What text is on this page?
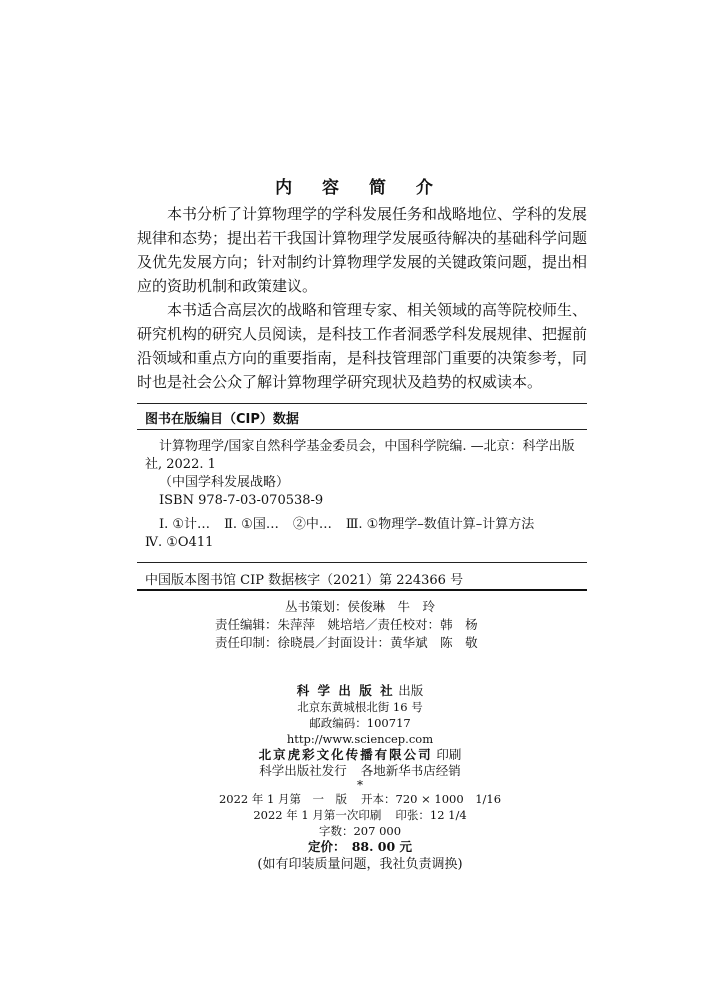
内 容 简 介

本书分析了计算物理学的学科发展任务和战略地位、学科的发展规律和态势；提出若干我国计算物理学发展亟待解决的基础科学问题及优先发展方向；针对制约计算物理学发展的关键政策问题，提出相应的资助机制和政策建议。

本书适合高层次的战略和管理专家、相关领域的高等院校师生、研究机构的研究人员阅读，是科技工作者洞悉学科发展规律、把握前沿领域和重点方向的重要指南，是科技管理部门重要的决策参考，同时也是社会公众了解计算物理学研究现状及趋势的权威读本。

图书在版编目（CIP）数据
计算物理学/国家自然科学基金委员会，中国科学院编. —北京：科学出版
社, 2022. 1
（中国学科发展战略）
ISBN 978-7-03-070538-9
Ⅰ. ①计… Ⅱ. ①国… ②中… Ⅲ. ①物理学–数值计算–计算方法
Ⅳ. ①O411
中国版本图书馆 CIP 数据核字（2021）第 224366 号
丛书策划：侯俊琳　牛　玲
责任编辑：朱萍萍　姚培培／责任校对：韩　杨
责任印制：徐晓晨／封面设计：黄华斌　陈　敬
科 学 出 版 社 出版
北京东黄城根北街 16 号
邮政编码：100717
http://www.sciencep.com
北京虎彩文化传播有限公司 印刷
科学出版社发行 各地新华书店经销
*
2022 年 1 月第　一　版 开本：720 × 1000　1/16
2022 年 1 月第一次印刷 印张：12 1/4
字数：207 000
定价：　88. 00 元
(如有印装质量问题，我社负责调换)
